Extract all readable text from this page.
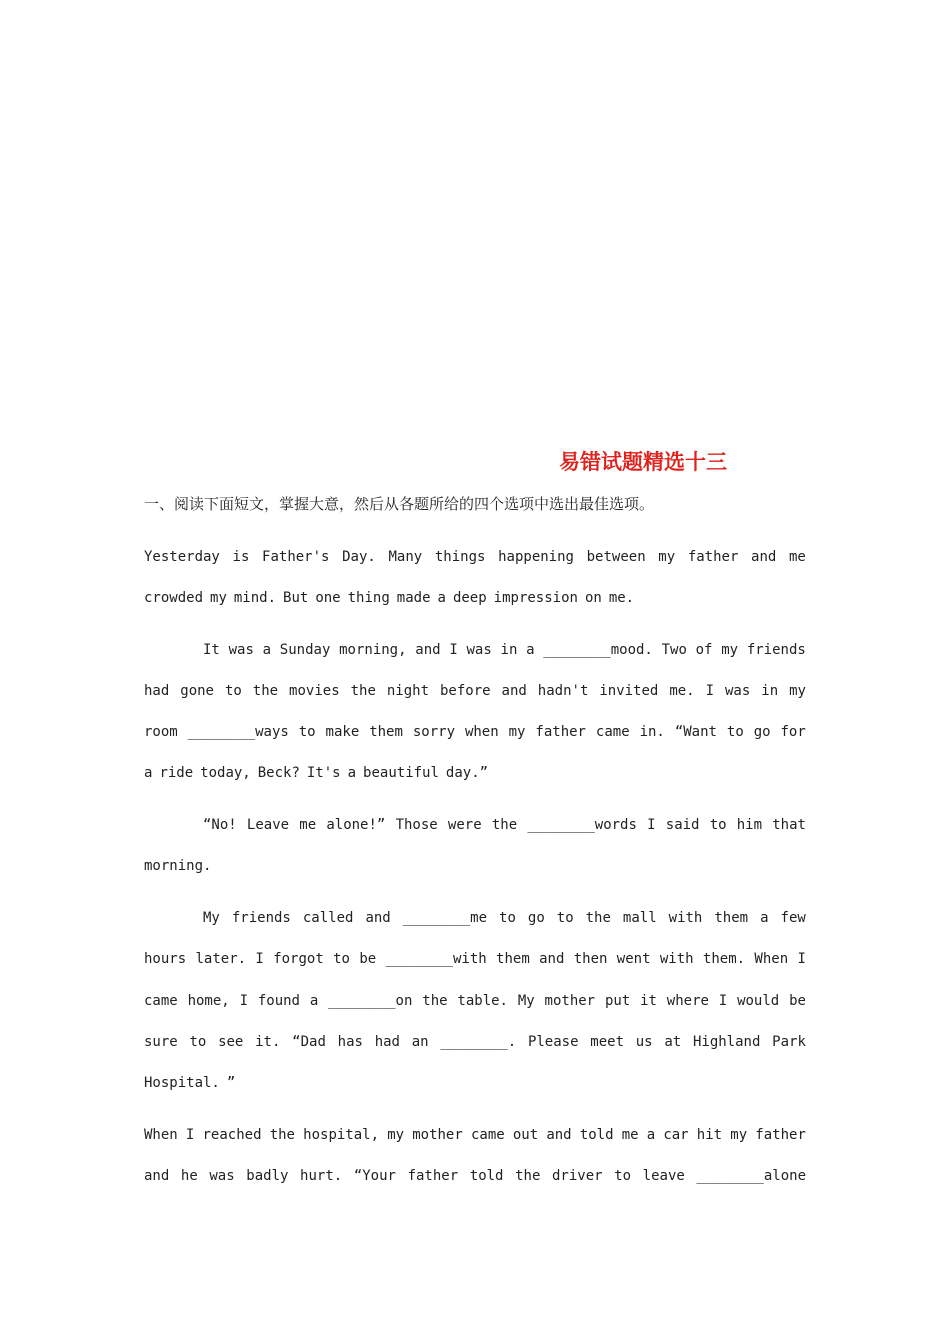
易错试题精选十三
一、阅读下面短文，掌握大意，然后从各题所给的四个选项中选出最佳选项。
Yesterday is Father's Day. Many things happening between my father and me
crowded my mind. But one thing made a deep impression on me.
It was a Sunday morning, and I was in a ________mood. Two of my friends
had gone to the movies the night before and hadn't invited me. I was in my
room ________ways to make them sorry when my father came in. “Want to go for
a ride today, Beck? It's a beautiful day.”
“No! Leave me alone!” Those were the ________words I said to him that
morning.
My friends called and ________me to go to the mall with them a few
hours later. I forgot to be ________with them and then went with them. When I
came home, I found a ________on the table. My mother put it where I would be
sure to see it. “Dad has had an ________. Please meet us at Highland Park
Hospital. ”
When I reached the hospital, my mother came out and told me a car hit my father
and he was badly hurt. “Your father told the driver to leave ________alone
